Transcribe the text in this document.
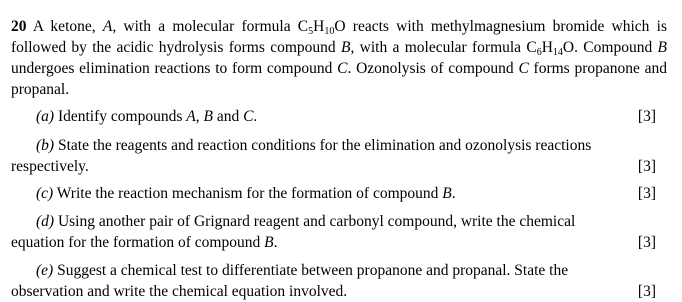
20 A ketone, A, with a molecular formula $C_5H_{10}O$ reacts with methylmagnesium bromide which is followed by the acidic hydrolysis forms compound B, with a molecular formula $C_6H_{14}O$. Compound B undergoes elimination reactions to form compound C. Ozonolysis of compound C forms propanone and propanal.
(a) Identify compounds A, B and C.	[3]
(b) State the reagents and reaction conditions for the elimination and ozonolysis reactions
respectively.	[3]
(c) Write the reaction mechanism for the formation of compound B.	[3]
(d) Using another pair of Grignard reagent and carbonyl compound, write the chemical
equation for the formation of compound B.	[3]
(e) Suggest a chemical test to differentiate between propanone and propanal. State the
observation and write the chemical equation involved.	[3]
